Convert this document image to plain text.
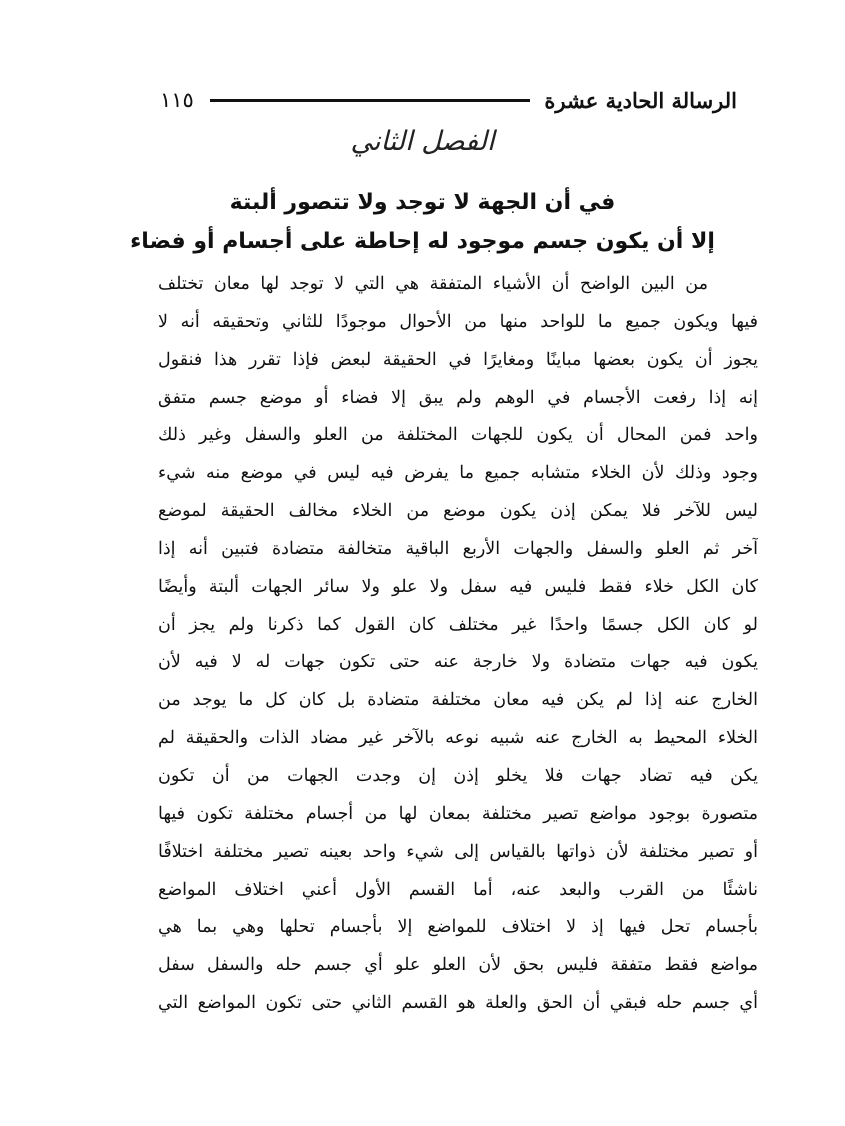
الرسالة الحادية عشرة
١١٥
الفصل الثاني
في أن الجهة لا توجد ولا تتصور ألبتة
إلا أن يكون جسم موجود له إحاطة على أجسام أو فضاء
من البين الواضح أن الأشياء المتفقة هي التي لا توجد لها معان تختلف
فيها ويكون جميع ما للواحد منها من الأحوال موجودًا للثاني وتحقيقه أنه لا
يجوز أن يكون بعضها مباينًا ومغايرًا في الحقيقة لبعض فإذا تقرر هذا فنقول
إنه إذا رفعت الأجسام في الوهم ولم يبق إلا فضاء أو موضع جسم متفق
واحد فمن المحال أن يكون للجهات المختلفة من العلو والسفل وغير ذلك
وجود وذلك لأن الخلاء متشابه جميع ما يفرض فيه ليس في موضع منه شيء
ليس للآخر فلا يمكن إذن يكون موضع من الخلاء مخالف الحقيقة لموضع
آخر ثم العلو والسفل والجهات الأربع الباقية متخالفة متضادة فتبين أنه إذا
كان الكل خلاء فقط فليس فيه سفل ولا علو ولا سائر الجهات ألبتة وأيضًا
لو كان الكل جسمًا واحدًا غير مختلف كان القول كما ذكرنا ولم يجز أن
يكون فيه جهات متضادة ولا خارجة عنه حتى تكون جهات له لا فيه لأن
الخارج عنه إذا لم يكن فيه معان مختلفة متضادة بل كان كل ما يوجد من
الخلاء المحيط به الخارج عنه شبيه نوعه بالآخر غير مضاد الذات والحقيقة لم
يكن فيه تضاد جهات فلا يخلو إذن إن وجدت الجهات من أن تكون
متصورة بوجود مواضع تصير مختلفة بمعان لها من أجسام مختلفة تكون فيها
أو تصير مختلفة لأن ذواتها بالقياس إلى شيء واحد بعينه تصير مختلفة اختلافًا
ناشئًا من القرب والبعد عنه، أما القسم الأول أعني اختلاف المواضع
بأجسام تحل فيها إذ لا اختلاف للمواضع إلا بأجسام تحلها وهي بما هي
مواضع فقط متفقة فليس بحق لأن العلو علو أي جسم حله والسفل سفل
أي جسم حله فبقي أن الحق والعلة هو القسم الثاني حتى تكون المواضع التي
